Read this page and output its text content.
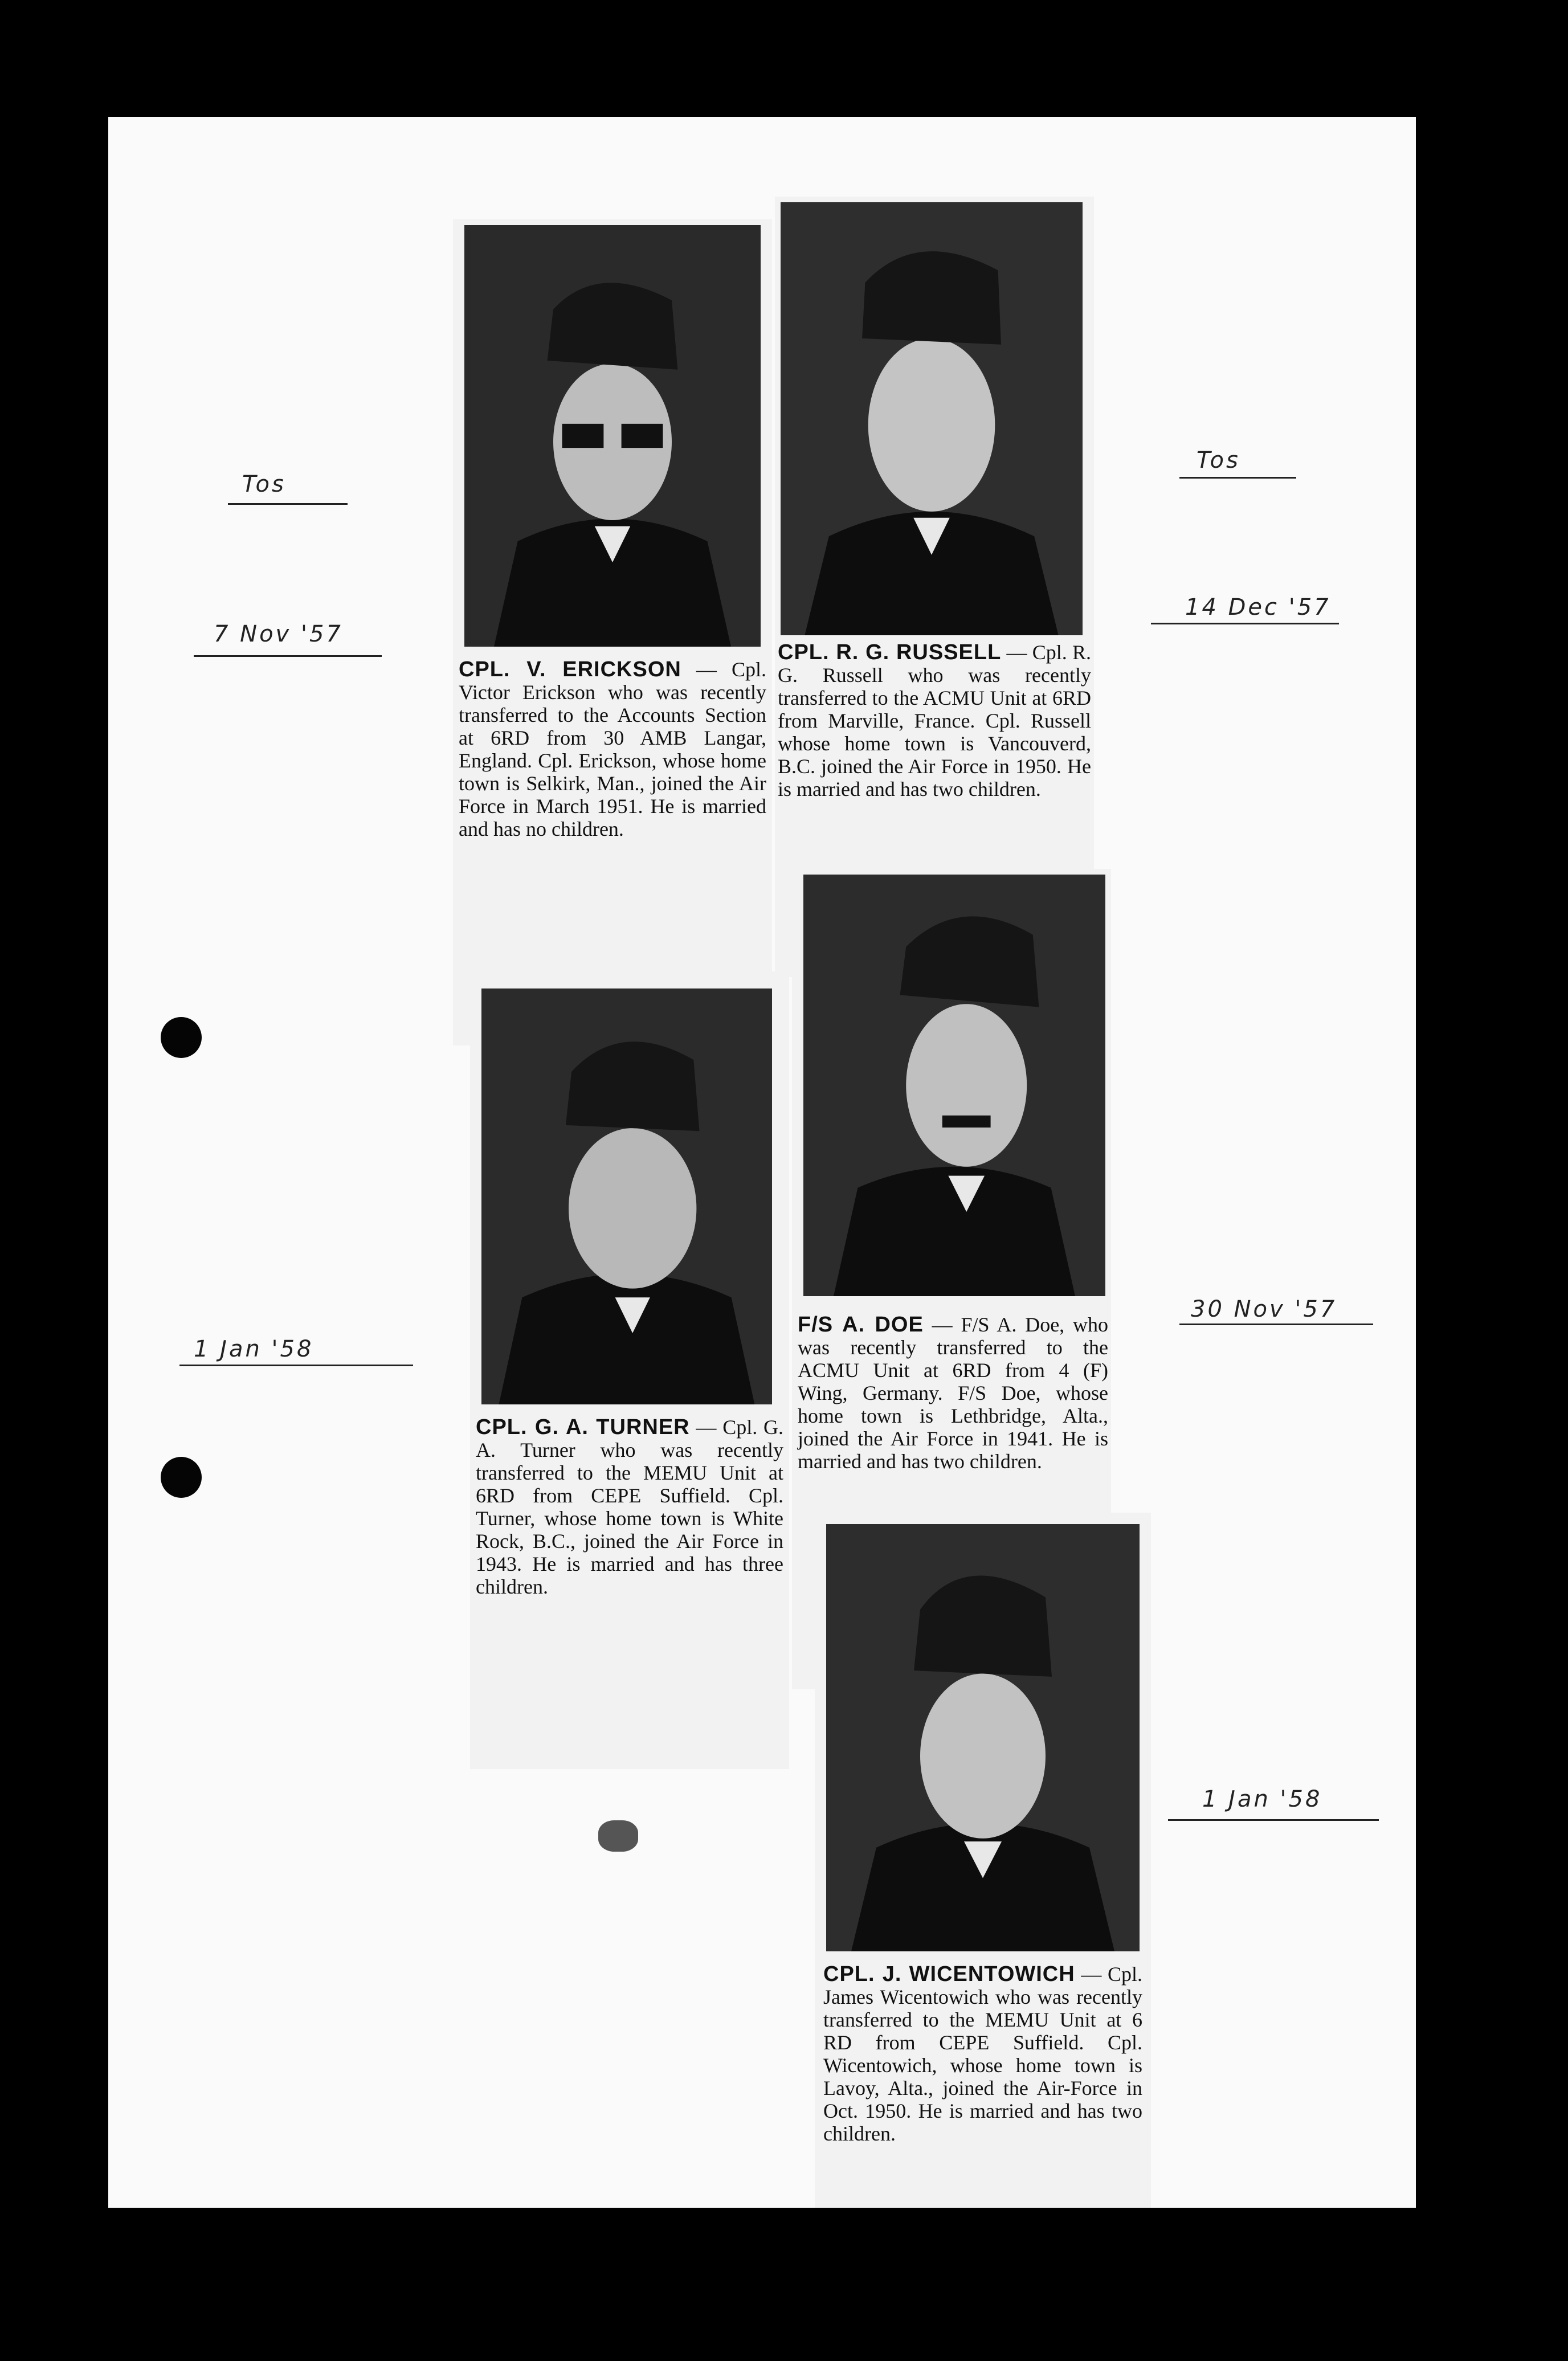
Tos
7 Nov '57
Tos
14 Dec '57
1 Jan '58
30 Nov '57
1 Jan '58
CPL. V. ERICKSON — Cpl. Victor Erickson who was recently transferred to the Accounts Section at 6RD from 30 AMB Langar, England. Cpl. Erickson, whose home town is Selkirk, Man., joined the Air Force in March 1951. He is married and has no children.
CPL. R. G. RUSSELL — Cpl. R. G. Russell who was recently transferred to the ACMU Unit at 6RD from Marville, France. Cpl. Russell whose home town is Vancouverd, B.C. joined the Air Force in 1950. He is married and has two children.
CPL. G. A. TURNER — Cpl. G. A. Turner who was recently transferred to the MEMU Unit at 6RD from CEPE Suffield. Cpl. Turner, whose home town is White Rock, B.C., joined the Air Force in 1943. He is married and has three children.
F/S A. DOE — F/S A. Doe, who was recently transferred to the ACMU Unit at 6RD from 4 (F) Wing, Germany. F/S Doe, whose home town is Lethbridge, Alta., joined the Air Force in 1941. He is married and has two children.
CPL. J. WICENTOWICH — Cpl. James Wicentowich who was recently transferred to the MEMU Unit at 6 RD from CEPE Suffield. Cpl. Wicentowich, whose home town is Lavoy, Alta., joined the Air-Force in Oct. 1950. He is married and has two children.
